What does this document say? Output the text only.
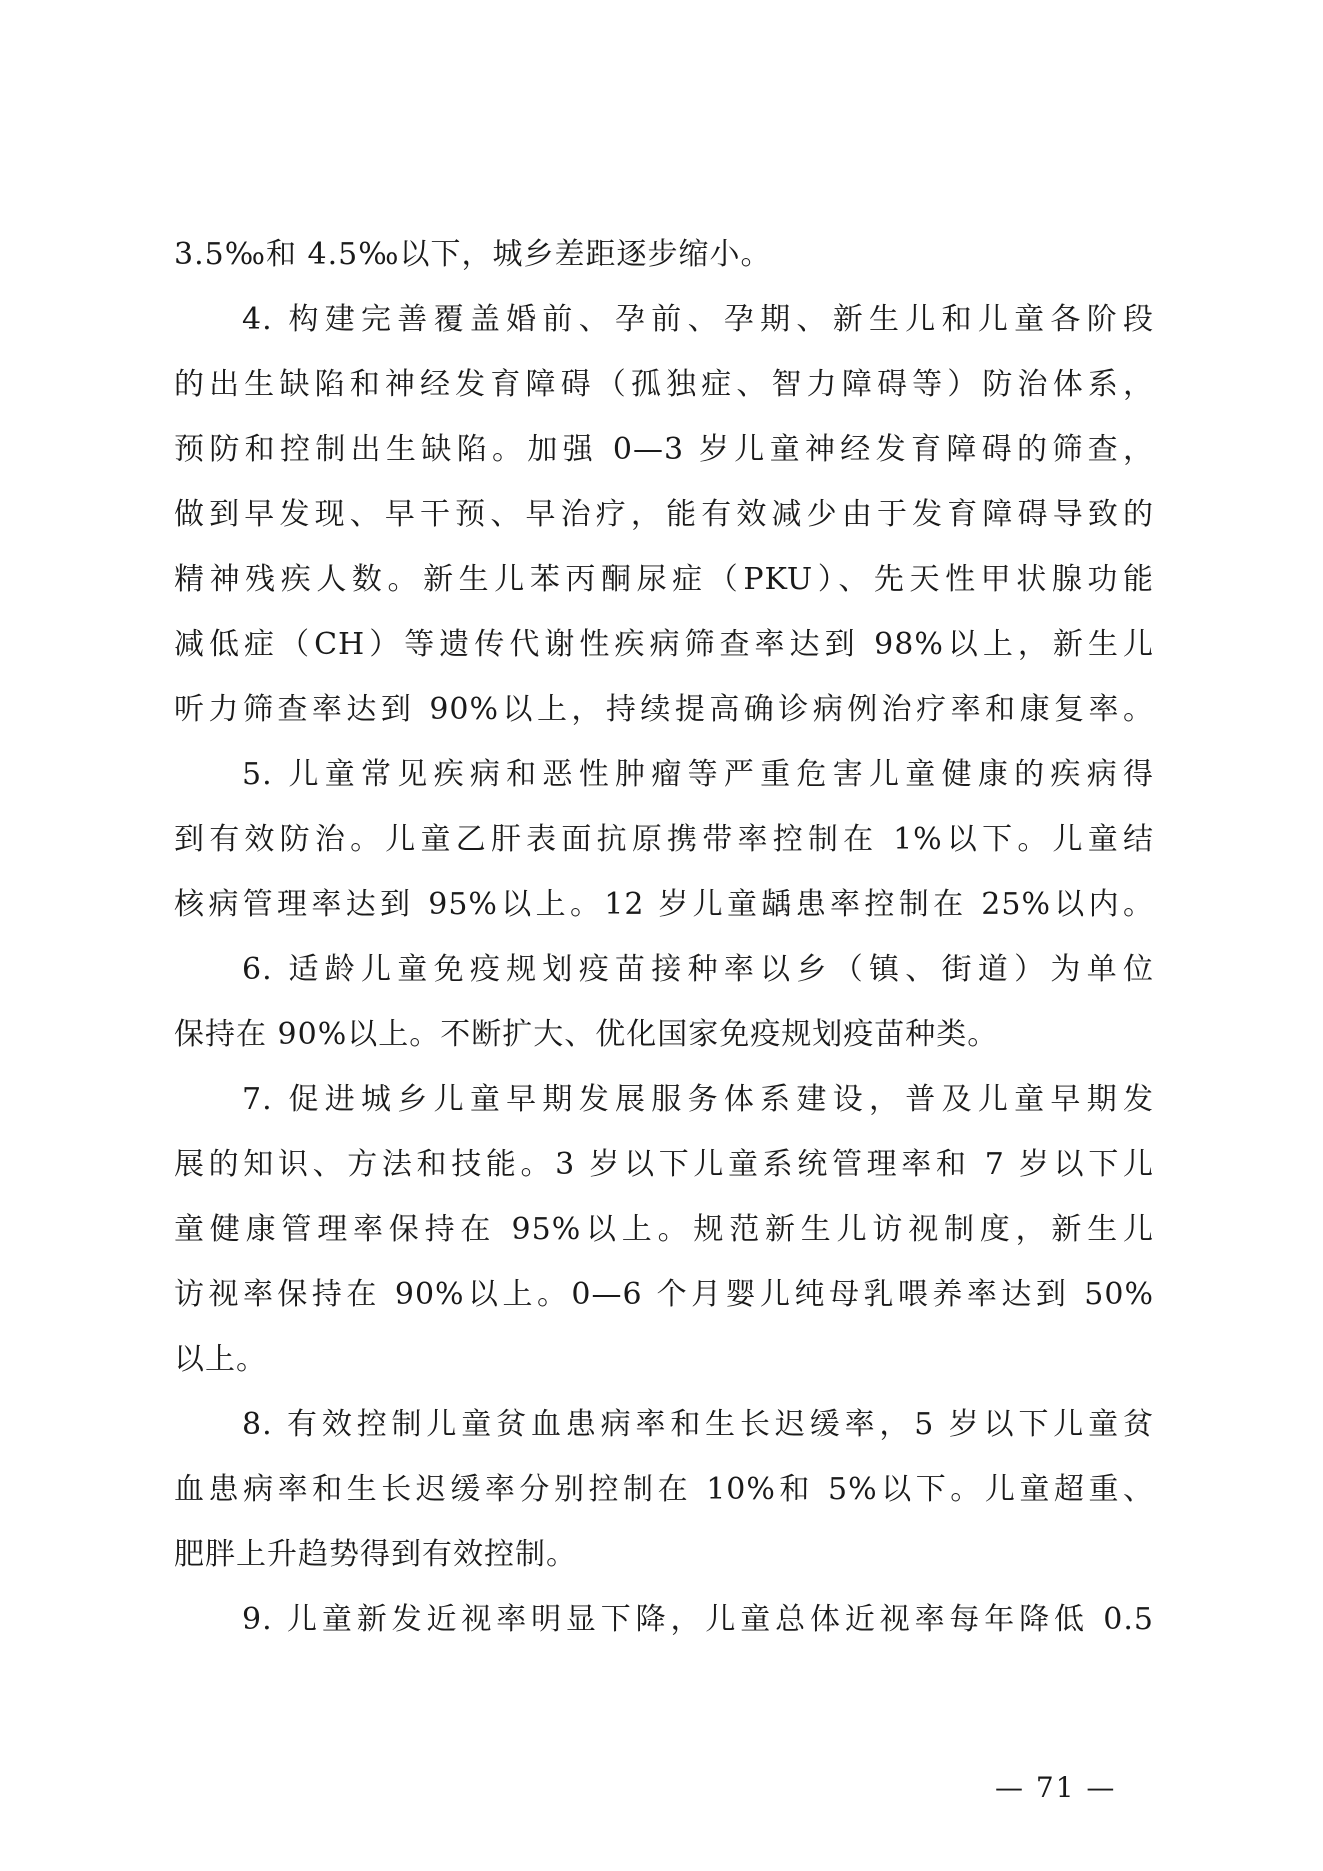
3.5‰和 4.5‰以下，城乡差距逐步缩小。
4. 构建完善覆盖婚前、孕前、孕期、新生儿和儿童各阶段
的出生缺陷和神经发育障碍（孤独症、智力障碍等）防治体系，
预防和控制出生缺陷。加强 0—3 岁儿童神经发育障碍的筛查，
做到早发现、早干预、早治疗，能有效减少由于发育障碍导致的
精神残疾人数。新生儿苯丙酮尿症（PKU）、先天性甲状腺功能
减低症（CH）等遗传代谢性疾病筛查率达到 98%以上，新生儿
听力筛查率达到 90%以上，持续提高确诊病例治疗率和康复率。
5. 儿童常见疾病和恶性肿瘤等严重危害儿童健康的疾病得
到有效防治。儿童乙肝表面抗原携带率控制在 1%以下。儿童结
核病管理率达到 95%以上。12 岁儿童龋患率控制在 25%以内。
6. 适龄儿童免疫规划疫苗接种率以乡（镇、街道）为单位
保持在 90%以上。不断扩大、优化国家免疫规划疫苗种类。
7. 促进城乡儿童早期发展服务体系建设，普及儿童早期发
展的知识、方法和技能。3 岁以下儿童系统管理率和 7 岁以下儿
童健康管理率保持在 95%以上。规范新生儿访视制度，新生儿
访视率保持在 90%以上。0—6 个月婴儿纯母乳喂养率达到 50%
以上。
8. 有效控制儿童贫血患病率和生长迟缓率，5 岁以下儿童贫
血患病率和生长迟缓率分别控制在 10%和 5%以下。儿童超重、
肥胖上升趋势得到有效控制。
9. 儿童新发近视率明显下降，儿童总体近视率每年降低 0.5
— 71 —
